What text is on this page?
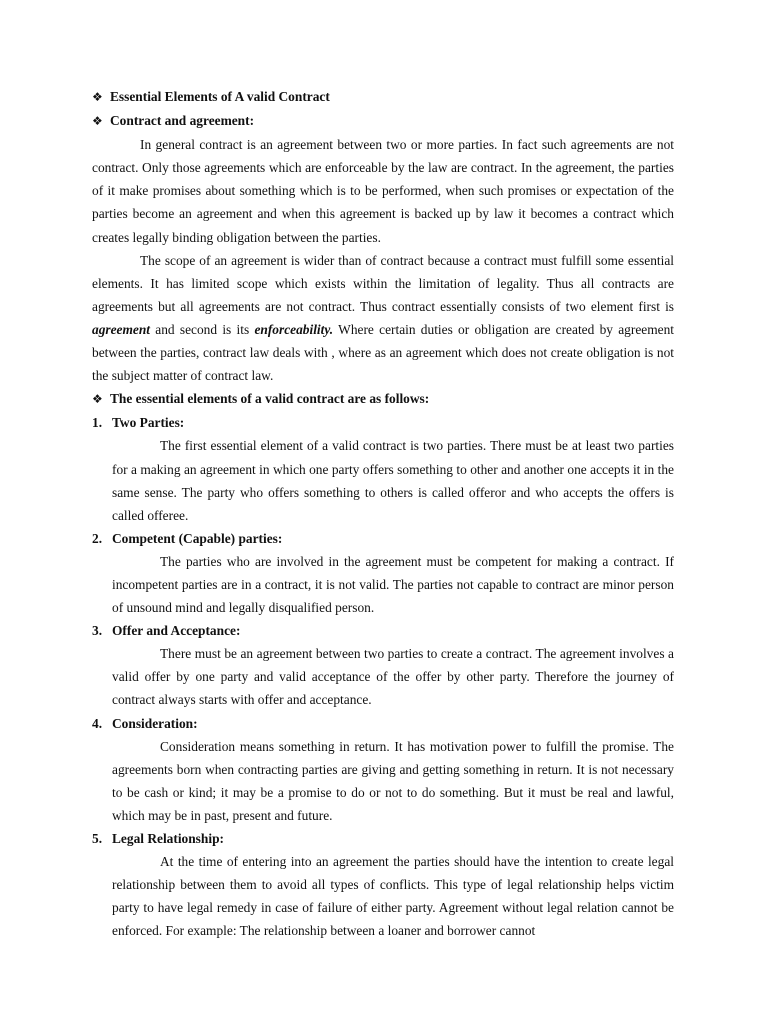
❖ Essential Elements of A valid Contract
❖ Contract and agreement:

In general contract is an agreement between two or more parties. In fact such agreements are not contract. Only those agreements which are enforceable by the law are contract. In the agreement, the parties of it make promises about something which is to be performed, when such promises or expectation of the parties become an agreement and when this agreement is backed up by law it becomes a contract which creates legally binding obligation between the parties.

The scope of an agreement is wider than of contract because a contract must fulfill some essential elements. It has limited scope which exists within the limitation of legality. Thus all contracts are agreements but all agreements are not contract. Thus contract essentially consists of two element first is agreement and second is its enforceability. Where certain duties or obligation are created by agreement between the parties, contract law deals with , where as an agreement which does not create obligation is not the subject matter of contract law.

❖ The essential elements of a valid contract are as follows:
1. Two Parties:

The first essential element of a valid contract is two parties. There must be at least two parties for a making an agreement in which one party offers something to other and another one accepts it in the same sense. The party who offers something to others is called offeror and who accepts the offers is called offeree.

2. Competent (Capable) parties:

The parties who are involved in the agreement must be competent for making a contract. If incompetent parties are in a contract, it is not valid. The parties not capable to contract are minor person of unsound mind and legally disqualified person.

3. Offer and Acceptance:

There must be an agreement between two parties to create a contract. The agreement involves a valid offer by one party and valid acceptance of the offer by other party. Therefore the journey of contract always starts with offer and acceptance.

4. Consideration:

Consideration means something in return. It has motivation power to fulfill the promise. The agreements born when contracting parties are giving and getting something in return. It is not necessary to be cash or kind; it may be a promise to do or not to do something. But it must be real and lawful, which may be in past, present and future.

5. Legal Relationship:

At the time of entering into an agreement the parties should have the intention to create legal relationship between them to avoid all types of conflicts. This type of legal relationship helps victim party to have legal remedy in case of failure of either party. Agreement without legal relation cannot be enforced. For example: The relationship between a loaner and borrower cannot
